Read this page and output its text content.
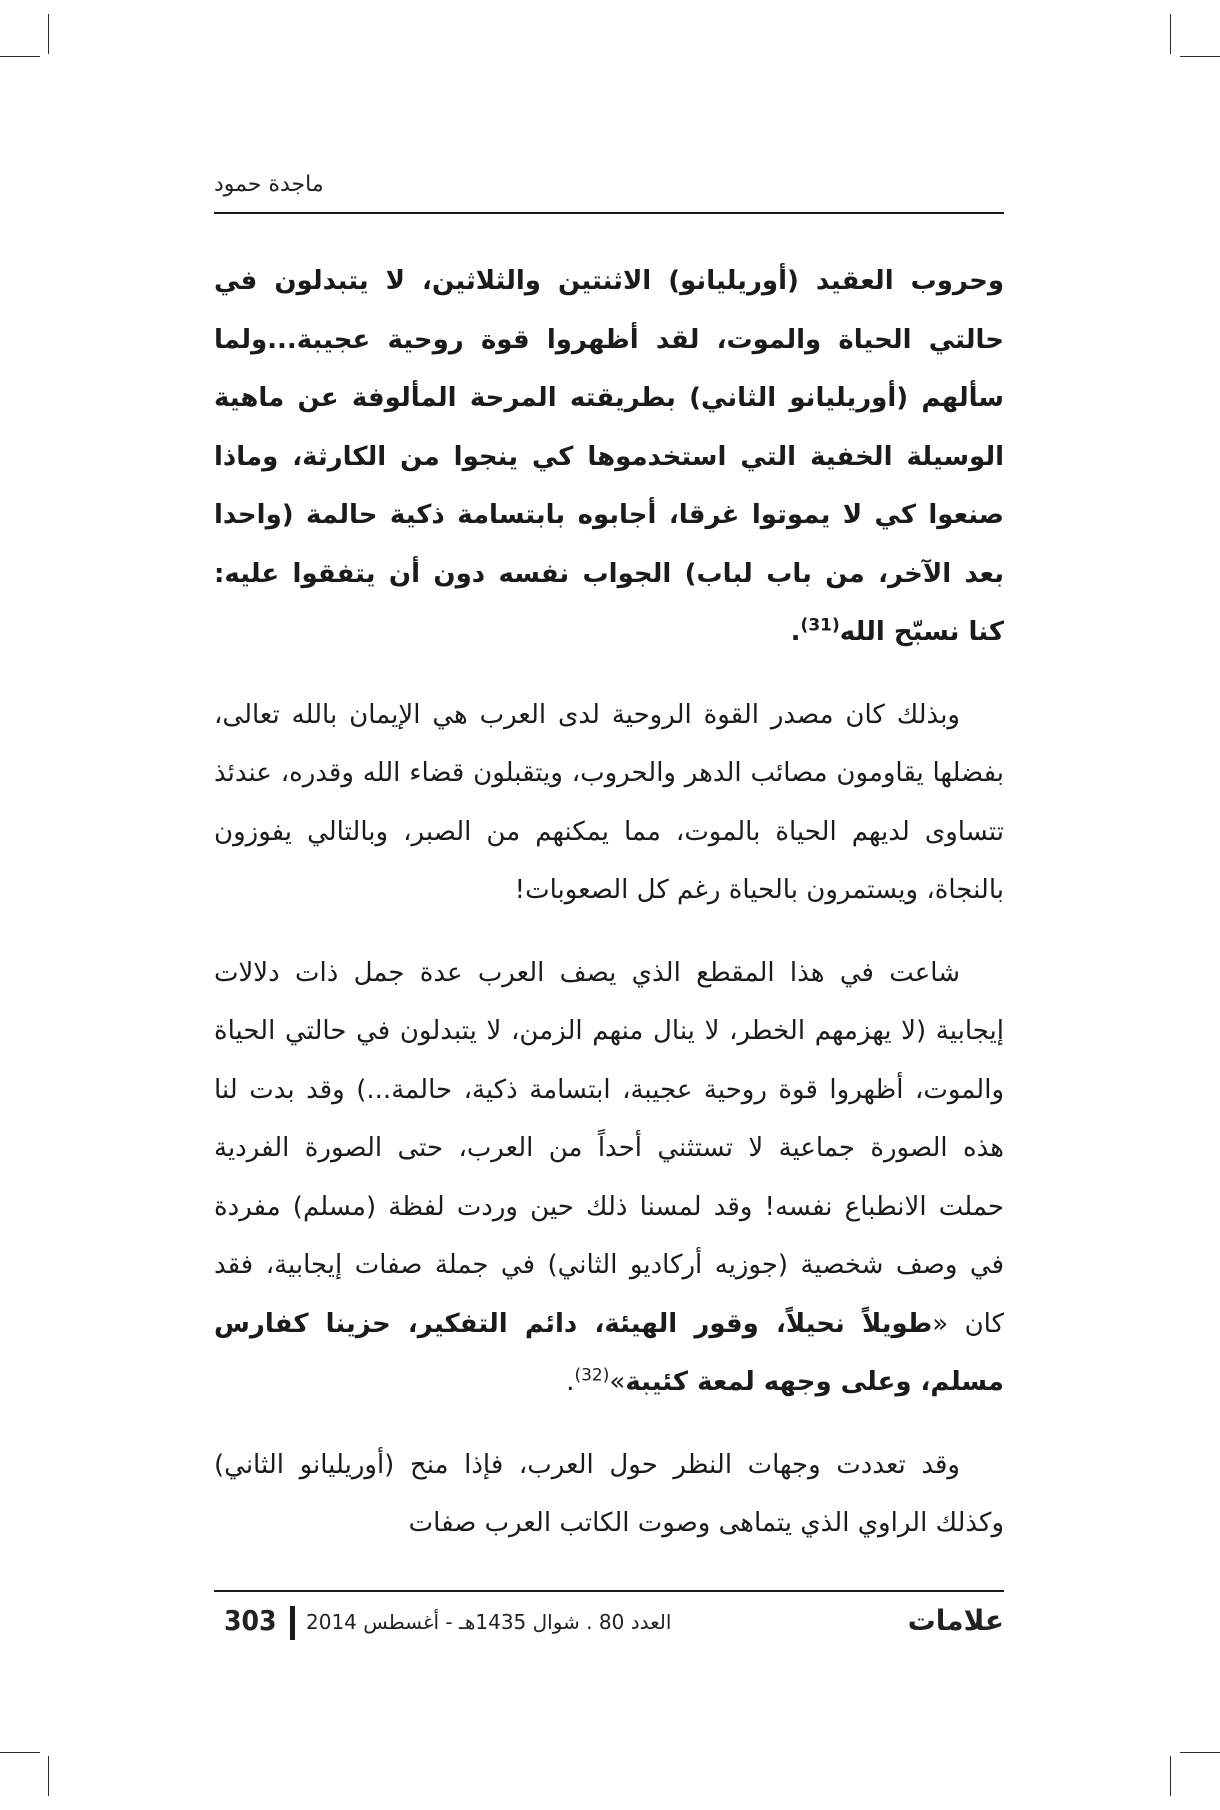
ماجدة حمود

وحروب العقيد (أوريليانو) الاثنتين والثلاثين، لا يتبدلون في حالتي الحياة والموت، لقد أظهروا قوة روحية عجيبة...ولما سألهم (أوريليانو الثاني) بطريقته المرحة المألوفة عن ماهية الوسيلة الخفية التي استخدموها كي ينجوا من الكارثة، وماذا صنعوا كي لا يموتوا غرقا، أجابوه بابتسامة ذكية حالمة (واحدا بعد الآخر، من باب لباب) الجواب نفسه دون أن يتفقوا عليه: كنا نسبّح الله$^{(31)}$.

وبذلك كان مصدر القوة الروحية لدى العرب هي الإيمان بالله تعالى، بفضلها يقاومون مصائب الدهر والحروب، ويتقبلون قضاء الله وقدره، عندئذ تتساوى لديهم الحياة بالموت، مما يمكنهم من الصبر، وبالتالي يفوزون بالنجاة، ويستمرون بالحياة رغم كل الصعوبات!

شاعت في هذا المقطع الذي يصف العرب عدة جمل ذات دلالات إيجابية (لا يهزمهم الخطر، لا ينال منهم الزمن، لا يتبدلون في حالتي الحياة والموت، أظهروا قوة روحية عجيبة، ابتسامة ذكية، حالمة...) وقد بدت لنا هذه الصورة جماعية لا تستثني أحداً من العرب، حتى الصورة الفردية حملت الانطباع نفسه! وقد لمسنا ذلك حين وردت لفظة (مسلم) مفردة في وصف شخصية (جوزيه أركاديو الثاني) في جملة صفات إيجابية، فقد كان «طويلاً نحيلاً، وقور الهيئة، دائم التفكير، حزينا كفارس مسلم، وعلى وجهه لمعة كئيبة»$^{(32)}$.

وقد تعددت وجهات النظر حول العرب، فإذا منح (أوريليانو الثاني) وكذلك الراوي الذي يتماهى وصوت الكاتب العرب صفات

303 العدد 80 . شوال 1435هـ - أغسطس 2014	علامات
